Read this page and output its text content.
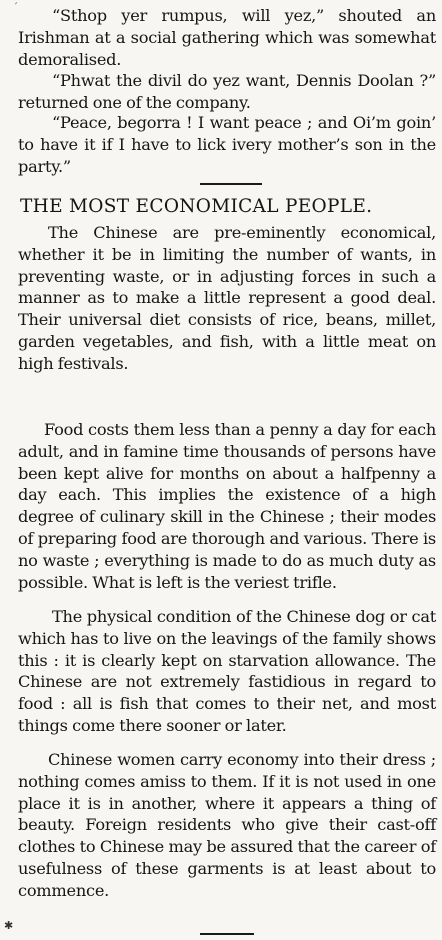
“Sthop yer rumpus, will yez,” shouted an Irishman at a social gathering which was somewhat demoralised.

“Phwat the divil do yez want, Dennis Doolan ?” returned one of the company.

“Peace, begorra ! I want peace ; and Oi’m goin’ to have it if I have to lick ivery mother’s son in the party.”

THE MOST ECONOMICAL PEOPLE.

The Chinese are pre-eminently economical, whether it be in limiting the number of wants, in preventing waste, or in adjusting forces in such a manner as to make a little represent a good deal. Their universal diet consists of rice, beans, millet, garden vegetables, and fish, with a little meat on high festivals.

Food costs them less than a penny a day for each adult, and in famine time thousands of persons have been kept alive for months on about a halfpenny a day each. This implies the existence of a high degree of culinary skill in the Chinese ; their modes of preparing food are thorough and various. There is no waste ; everything is made to do as much duty as possible. What is left is the veriest trifle.

The physical condition of the Chinese dog or cat which has to live on the leavings of the family shows this : it is clearly kept on starvation allowance. The Chinese are not extremely fastidious in regard to food : all is fish that comes to their net, and most things come there sooner or later.

Chinese women carry economy into their dress ; nothing comes amiss to them. If it is not used in one place it is in another, where it appears a thing of beauty. Foreign residents who give their cast-off clothes to Chinese may be assured that the career of usefulness of these garments is at least about to commence.

✱
′
